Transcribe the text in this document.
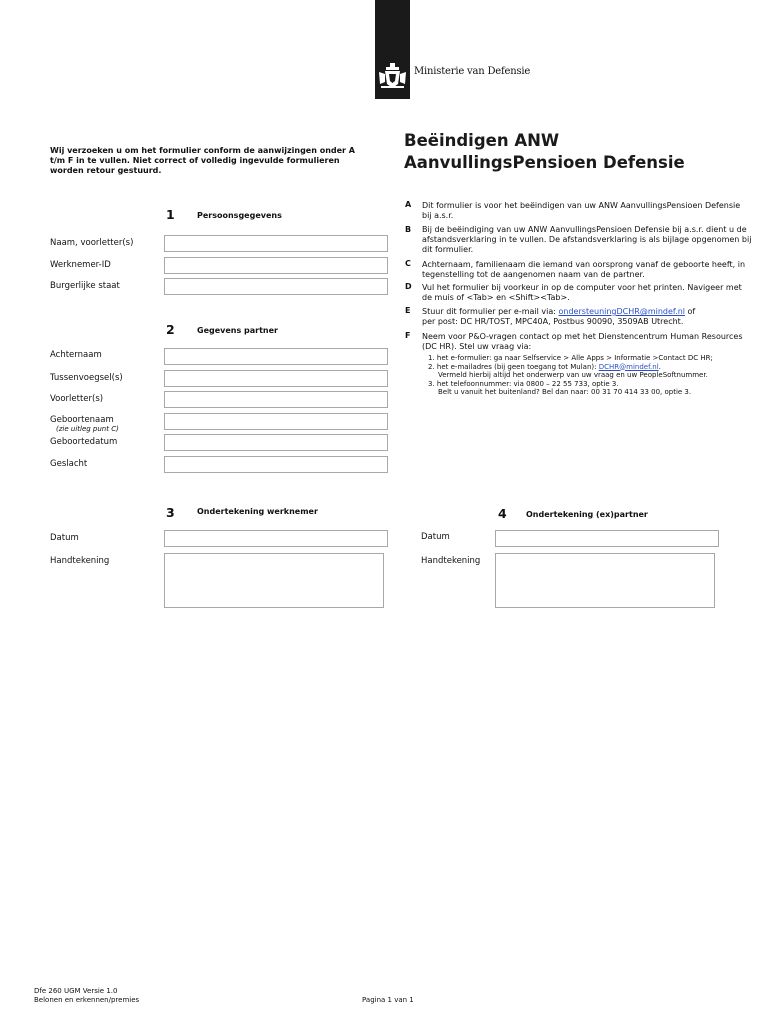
Ministerie van Defensie
Wij verzoeken u om het formulier conform de aanwijzingen onder A t/m F in te vullen. Niet correct of volledig ingevulde formulieren worden retour gestuurd.
Beëindigen ANW
AanvullingsPensioen Defensie
1	Persoonsgegevens
Naam, voorletter(s)
Werknemer-ID
Burgerlijke staat
2	Gegevens partner
Achternaam
Tussenvoegsel(s)
Voorletter(s)
Geboortenaam
(zie uitleg punt C)
Geboortedatum
Geslacht
3	Ondertekening werknemer
Datum
Handtekening
4 Ondertekening (ex)partner
Datum
Handtekening
A Dit formulier is voor het beëindigen van uw ANW AanvullingsPensioen Defensie bij a.s.r.
B Bij de beëindiging van uw ANW AanvullingsPensioen Defensie bij a.s.r. dient u de afstandsverklaring in te vullen. De afstandsverklaring is als bijlage opgenomen bij dit formulier.
C Achternaam, familienaam die iemand van oorsprong vanaf de geboorte heeft, in tegenstelling tot de aangenomen naam van de partner.
D Vul het formulier bij voorkeur in op de computer voor het printen. Navigeer met de muis of <Tab> en <Shift><Tab>.
E Stuur dit formulier per e-mail via: ondersteuningDCHR@mindef.nl of
per post: DC HR/TOST, MPC40A, Postbus 90090, 3509AB Utrecht.
F Neem voor P&O-vragen contact op met het Dienstencentrum Human Resources (DC HR). Stel uw vraag via:
1. het e-formulier: ga naar Selfservice > Alle Apps > Informatie >Contact DC HR;
2. het e-mailadres (bij geen toegang tot Mulan): DCHR@mindef.nl.
Vermeld hierbij altijd het onderwerp van uw vraag en uw PeopleSoftnummer.
3. het telefoonnummer: via 0800 – 22 55 733, optie 3.
Belt u vanuit het buitenland? Bel dan naar: 00 31 70 414 33 00, optie 3.
Dfe 260 UGM Versie 1.0
Belonen en erkennen/premies	Pagina 1 van 1
